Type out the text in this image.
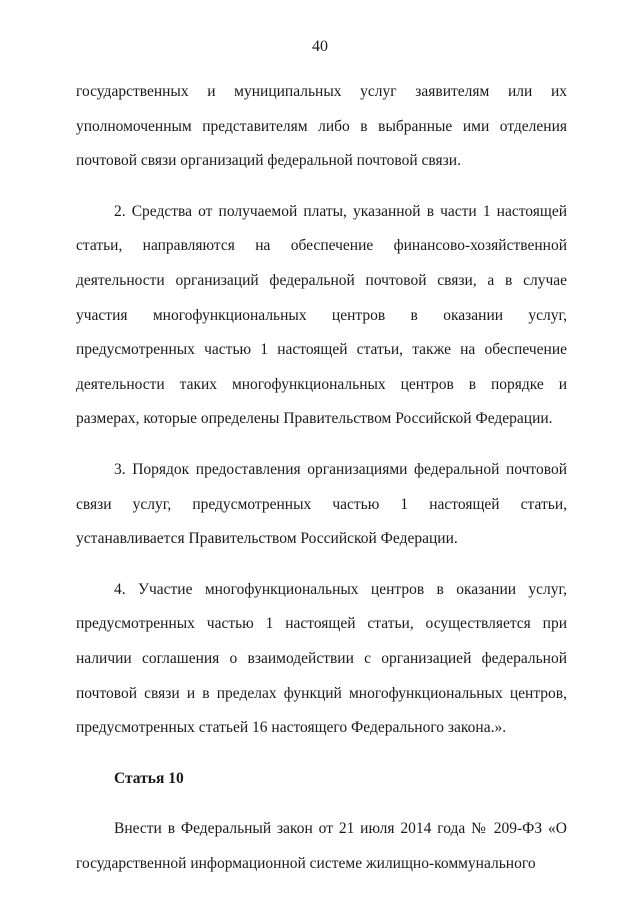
40

государственных и муниципальных услуг заявителям или их уполномоченным представителям либо в выбранные ими отделения почтовой связи организаций федеральной почтовой связи.

2. Средства от получаемой платы, указанной в части 1 настоящей статьи, направляются на обеспечение финансово-хозяйственной деятельности организаций федеральной почтовой связи, а в случае участия многофункциональных центров в оказании услуг, предусмотренных частью 1 настоящей статьи, также на обеспечение деятельности таких многофункциональных центров в порядке и размерах, которые определены Правительством Российской Федерации.

3. Порядок предоставления организациями федеральной почтовой связи услуг, предусмотренных частью 1 настоящей статьи, устанавливается Правительством Российской Федерации.

4. Участие многофункциональных центров в оказании услуг, предусмотренных частью 1 настоящей статьи, осуществляется при наличии соглашения о взаимодействии с организацией федеральной почтовой связи и в пределах функций многофункциональных центров, предусмотренных статьей 16 настоящего Федерального закона.».

Статья 10

Внести в Федеральный закон от 21 июля 2014 года № 209-ФЗ «О государственной информационной системе жилищно-коммунального
